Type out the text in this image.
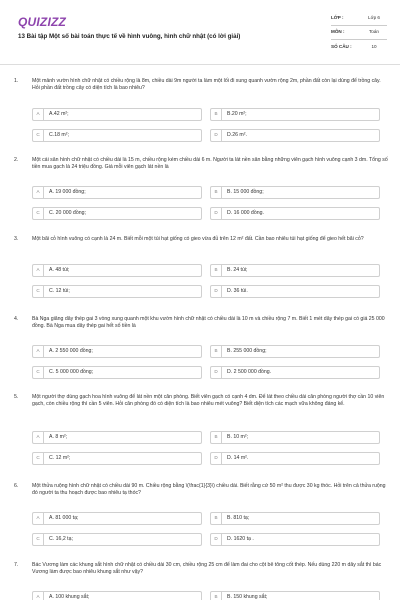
QUIZIZZ
13 Bài tập Một số bài toán thực tế về hình vuông, hình chữ nhật (có lời giải)
LỚP :	Lớp 6
MÔN :	Toán
SỐ CÂU :	10
1.	Một mảnh vườn hình chữ nhật có chiều rộng là 8m, chiều dài 9m người ta làm một lối đi xung quanh vườn rộng 2m, phần đất còn lại dùng để trồng cây. Hỏi phần đất trồng cây có diện tích là bao nhiêu?
A	A.42 m²;	B	B.20 m²;
C	C.18 m²;	D	D.26 m².
2.	Một cái sân hình chữ nhật có chiều dài là 15 m, chiều rộng kém chiều dài 6 m. Người ta lát nền sân bằng những viên gạch hình vuông cạnh 3 dm. Tổng số tiền mua gạch là 24 triệu đồng. Giá mỗi viên gạch lát nền là
A	A. 19 000 đồng;	B	B. 15 000 đồng;
C	C. 20 000 đồng;	D	D. 16 000 đồng.
3.	Một bãi cỏ hình vuông có cạnh là 24 m. Biết mỗi một túi hạt giống có gieo vừa đủ trên 12 m² đất. Cần bao nhiêu túi hạt giống để gieo hết bãi cỏ?
A	A. 48 túi;	B	B. 24 túi;
C	C. 12 túi;	D	D. 36 túi.
4.	Bà Nga giăng dây thép gai 3 vòng xung quanh một khu vườn hình chữ nhật có chiều dài là 10 m và chiều rộng 7 m. Biết 1 mét dây thép gai có giá 25 000 đồng. Bà Nga mua dây thép gai hết số tiền là
A	A. 2 550 000 đồng;	B	B. 255 000 đồng;
C	C. 5 000 000 đồng;	D	D. 2 500 000 đồng.
5.	Một người thợ dùng gạch hoa hình vuông để lát nền một căn phòng. Biết viên gạch có cạnh 4 dm. Để lát theo chiều dài căn phòng người thợ cần 10 viên gạch, còn chiều rộng thì cần 5 viên. Hỏi căn phòng đó có diện tích là bao nhiêu mét vuông? Biết diện tích các mạch vữa không đáng kể.
A	A. 8 m²;	B	B. 10 m²;
C	C. 12 m²;	D	D. 14 m².
6.	Một thửa ruộng hình chữ nhật có chiều dài 90 m. Chiều rộng bằng \(\frac{1}{3}\) chiều dài. Biết rằng cứ 50 m² thu được 30 kg thóc. Hỏi trên cả thửa ruộng đó người ta thu hoạch được bao nhiêu tạ thóc?
A	A. 81 000 tạ;	B	B. 810 tạ;
C	C. 16,2 tạ;	D	D. 1620 tạ .
7.	Bác Vương làm các khung sắt hình chữ nhật có chiều dài 30 cm, chiều rộng 25 cm để làm đai cho cột bê tông cốt thép. Nếu dùng 220 m dây sắt thì bác Vương làm được bao nhiêu khung sắt như vậy?
A	A. 100 khung sắt;	B	B. 150 khung sắt;
